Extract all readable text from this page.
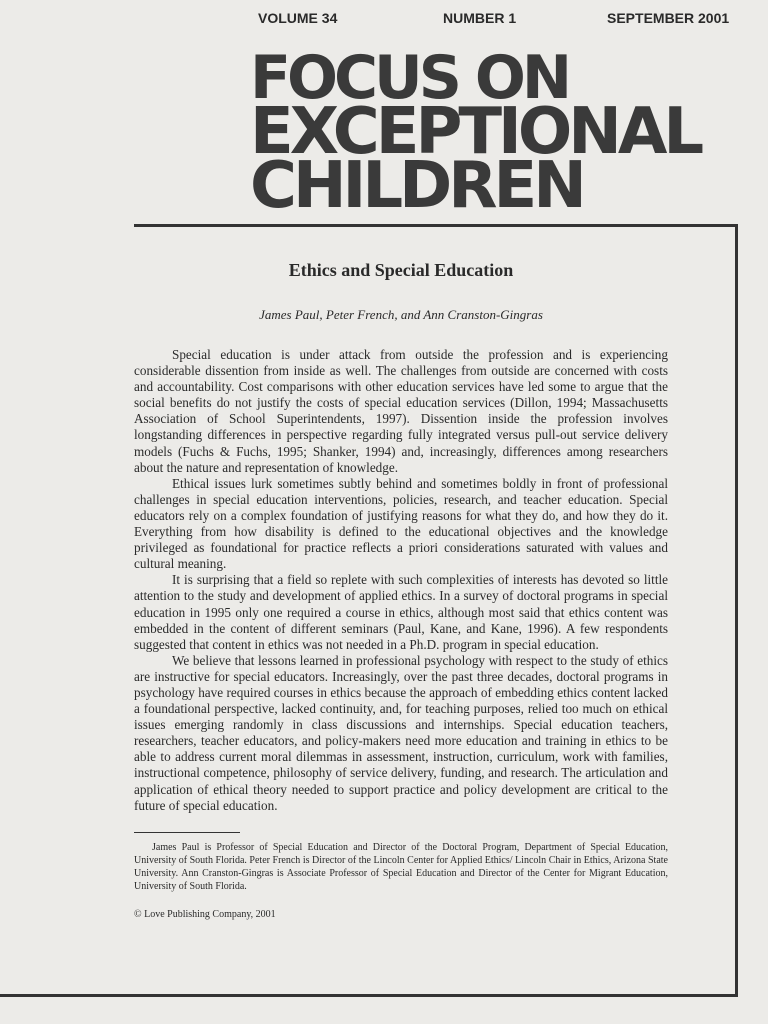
VOLUME 34	NUMBER 1	SEPTEMBER 2001
FOCUS ON
EXCEPTIONAL
CHILDREN
Ethics and Special Education
James Paul, Peter French, and Ann Cranston-Gingras

Special education is under attack from outside the profession and is experiencing considerable dissention from inside as well. The challenges from outside are concerned with costs and accountability. Cost comparisons with other education services have led some to argue that the social benefits do not justify the costs of special education services (Dillon, 1994; Massachusetts Association of School Superintendents, 1997). Dissention inside the profession involves longstanding differences in perspective regarding fully integrated versus pull-out service delivery models (Fuchs & Fuchs, 1995; Shanker, 1994) and, increasingly, differences among researchers about the nature and representation of knowledge.

Ethical issues lurk sometimes subtly behind and sometimes boldly in front of professional challenges in special education interventions, policies, research, and teacher education. Special educators rely on a complex foundation of justifying reasons for what they do, and how they do it. Everything from how disability is defined to the educational objectives and the knowledge privileged as foundational for practice reflects a priori considerations saturated with values and cultural meaning.

It is surprising that a field so replete with such complexities of interests has devoted so little attention to the study and development of applied ethics. In a survey of doctoral programs in special education in 1995 only one required a course in ethics, although most said that ethics content was embedded in the content of different seminars (Paul, Kane, and Kane, 1996). A few respondents suggested that content in ethics was not needed in a Ph.D. program in special education.

We believe that lessons learned in professional psychology with respect to the study of ethics are instructive for special educators. Increasingly, over the past three decades, doctoral programs in psychology have required courses in ethics because the approach of embedding ethics content lacked a foundational perspective, lacked continuity, and, for teaching purposes, relied too much on ethical issues emerging randomly in class discussions and internships. Special education teachers, researchers, teacher educators, and policy-makers need more education and training in ethics to be able to address current moral dilemmas in assessment, instruction, curriculum, work with families, instructional competence, philosophy of service delivery, funding, and research. The articulation and application of ethical theory needed to support practice and policy development are critical to the future of special education.

James Paul is Professor of Special Education and Director of the Doctoral Program, Department of Special Education, University of South Florida. Peter French is Director of the Lincoln Center for Applied Ethics/ Lincoln Chair in Ethics, Arizona State University. Ann Cranston-Gingras is Associate Professor of Special Education and Director of the Center for Migrant Education, University of South Florida.

© Love Publishing Company, 2001
